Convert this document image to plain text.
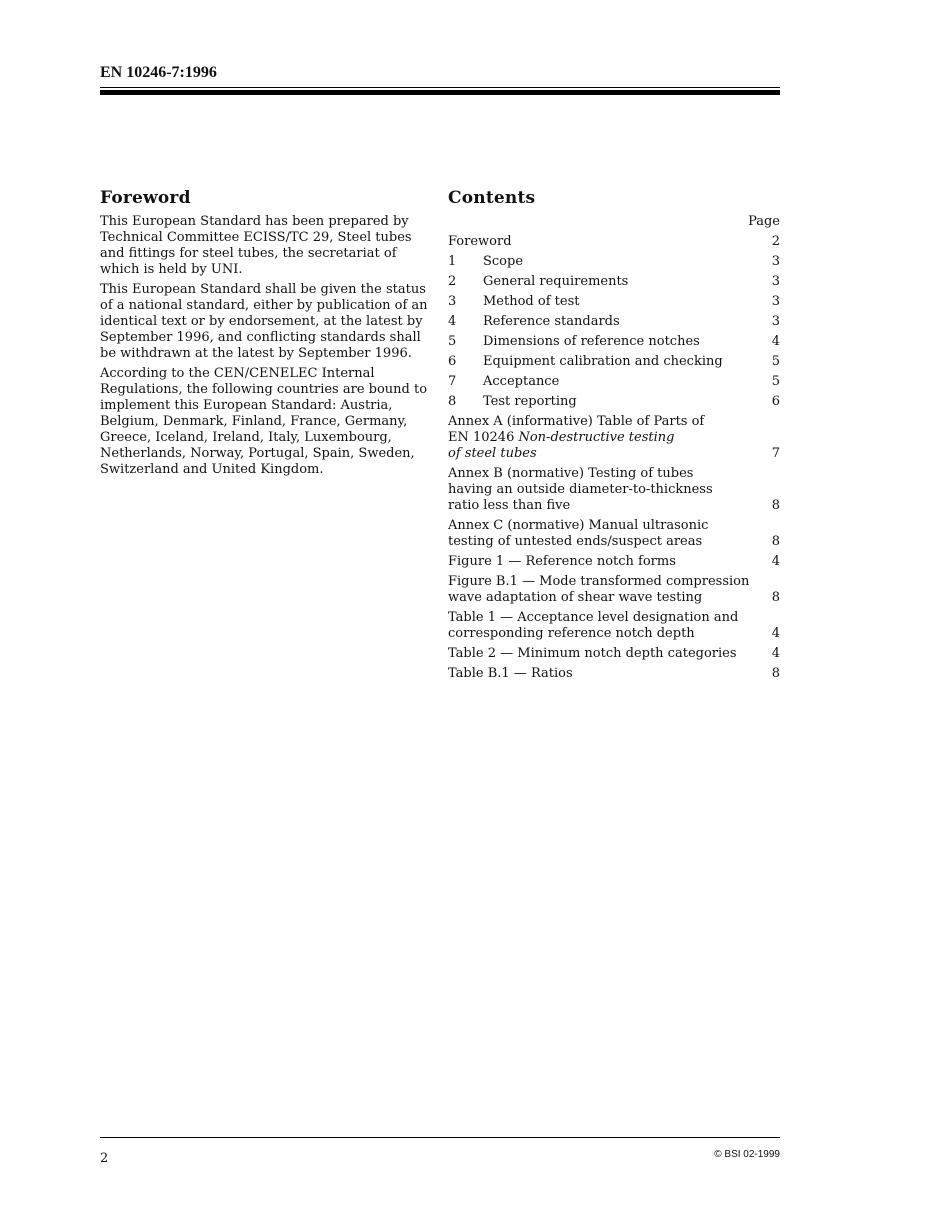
EN 10246-7:1996
Foreword

This European Standard has been prepared by Technical Committee ECISS/TC 29, Steel tubes and fittings for steel tubes, the secretariat of which is held by UNI.

This European Standard shall be given the status of a national standard, either by publication of an identical text or by endorsement, at the latest by September 1996, and conflicting standards shall be withdrawn at the latest by September 1996.

According to the CEN/CENELEC Internal Regulations, the following countries are bound to implement this European Standard: Austria, Belgium, Denmark, Finland, France, Germany, Greece, Iceland, Ireland, Italy, Luxembourg, Netherlands, Norway, Portugal, Spain, Sweden, Switzerland and United Kingdom.

Contents
Page
Foreword	2
1	Scope	3
2	General requirements	3
3	Method of test	3
4	Reference standards	3
5	Dimensions of reference notches	4
6	Equipment calibration and checking	5
7	Acceptance	5
8	Test reporting	6
Annex A (informative) Table of Parts of
EN 10246 Non-destructive testing
of steel tubes	7
Annex B (normative) Testing of tubes
having an outside diameter-to-thickness
ratio less than five	8
Annex C (normative) Manual ultrasonic
testing of untested ends/suspect areas	8
Figure 1 — Reference notch forms	4
Figure B.1 — Mode transformed compression
wave adaptation of shear wave testing	8
Table 1 — Acceptance level designation and
corresponding reference notch depth	4
Table 2 — Minimum notch depth categories	4
Table B.1 — Ratios	8
2	© BSI 02-1999
